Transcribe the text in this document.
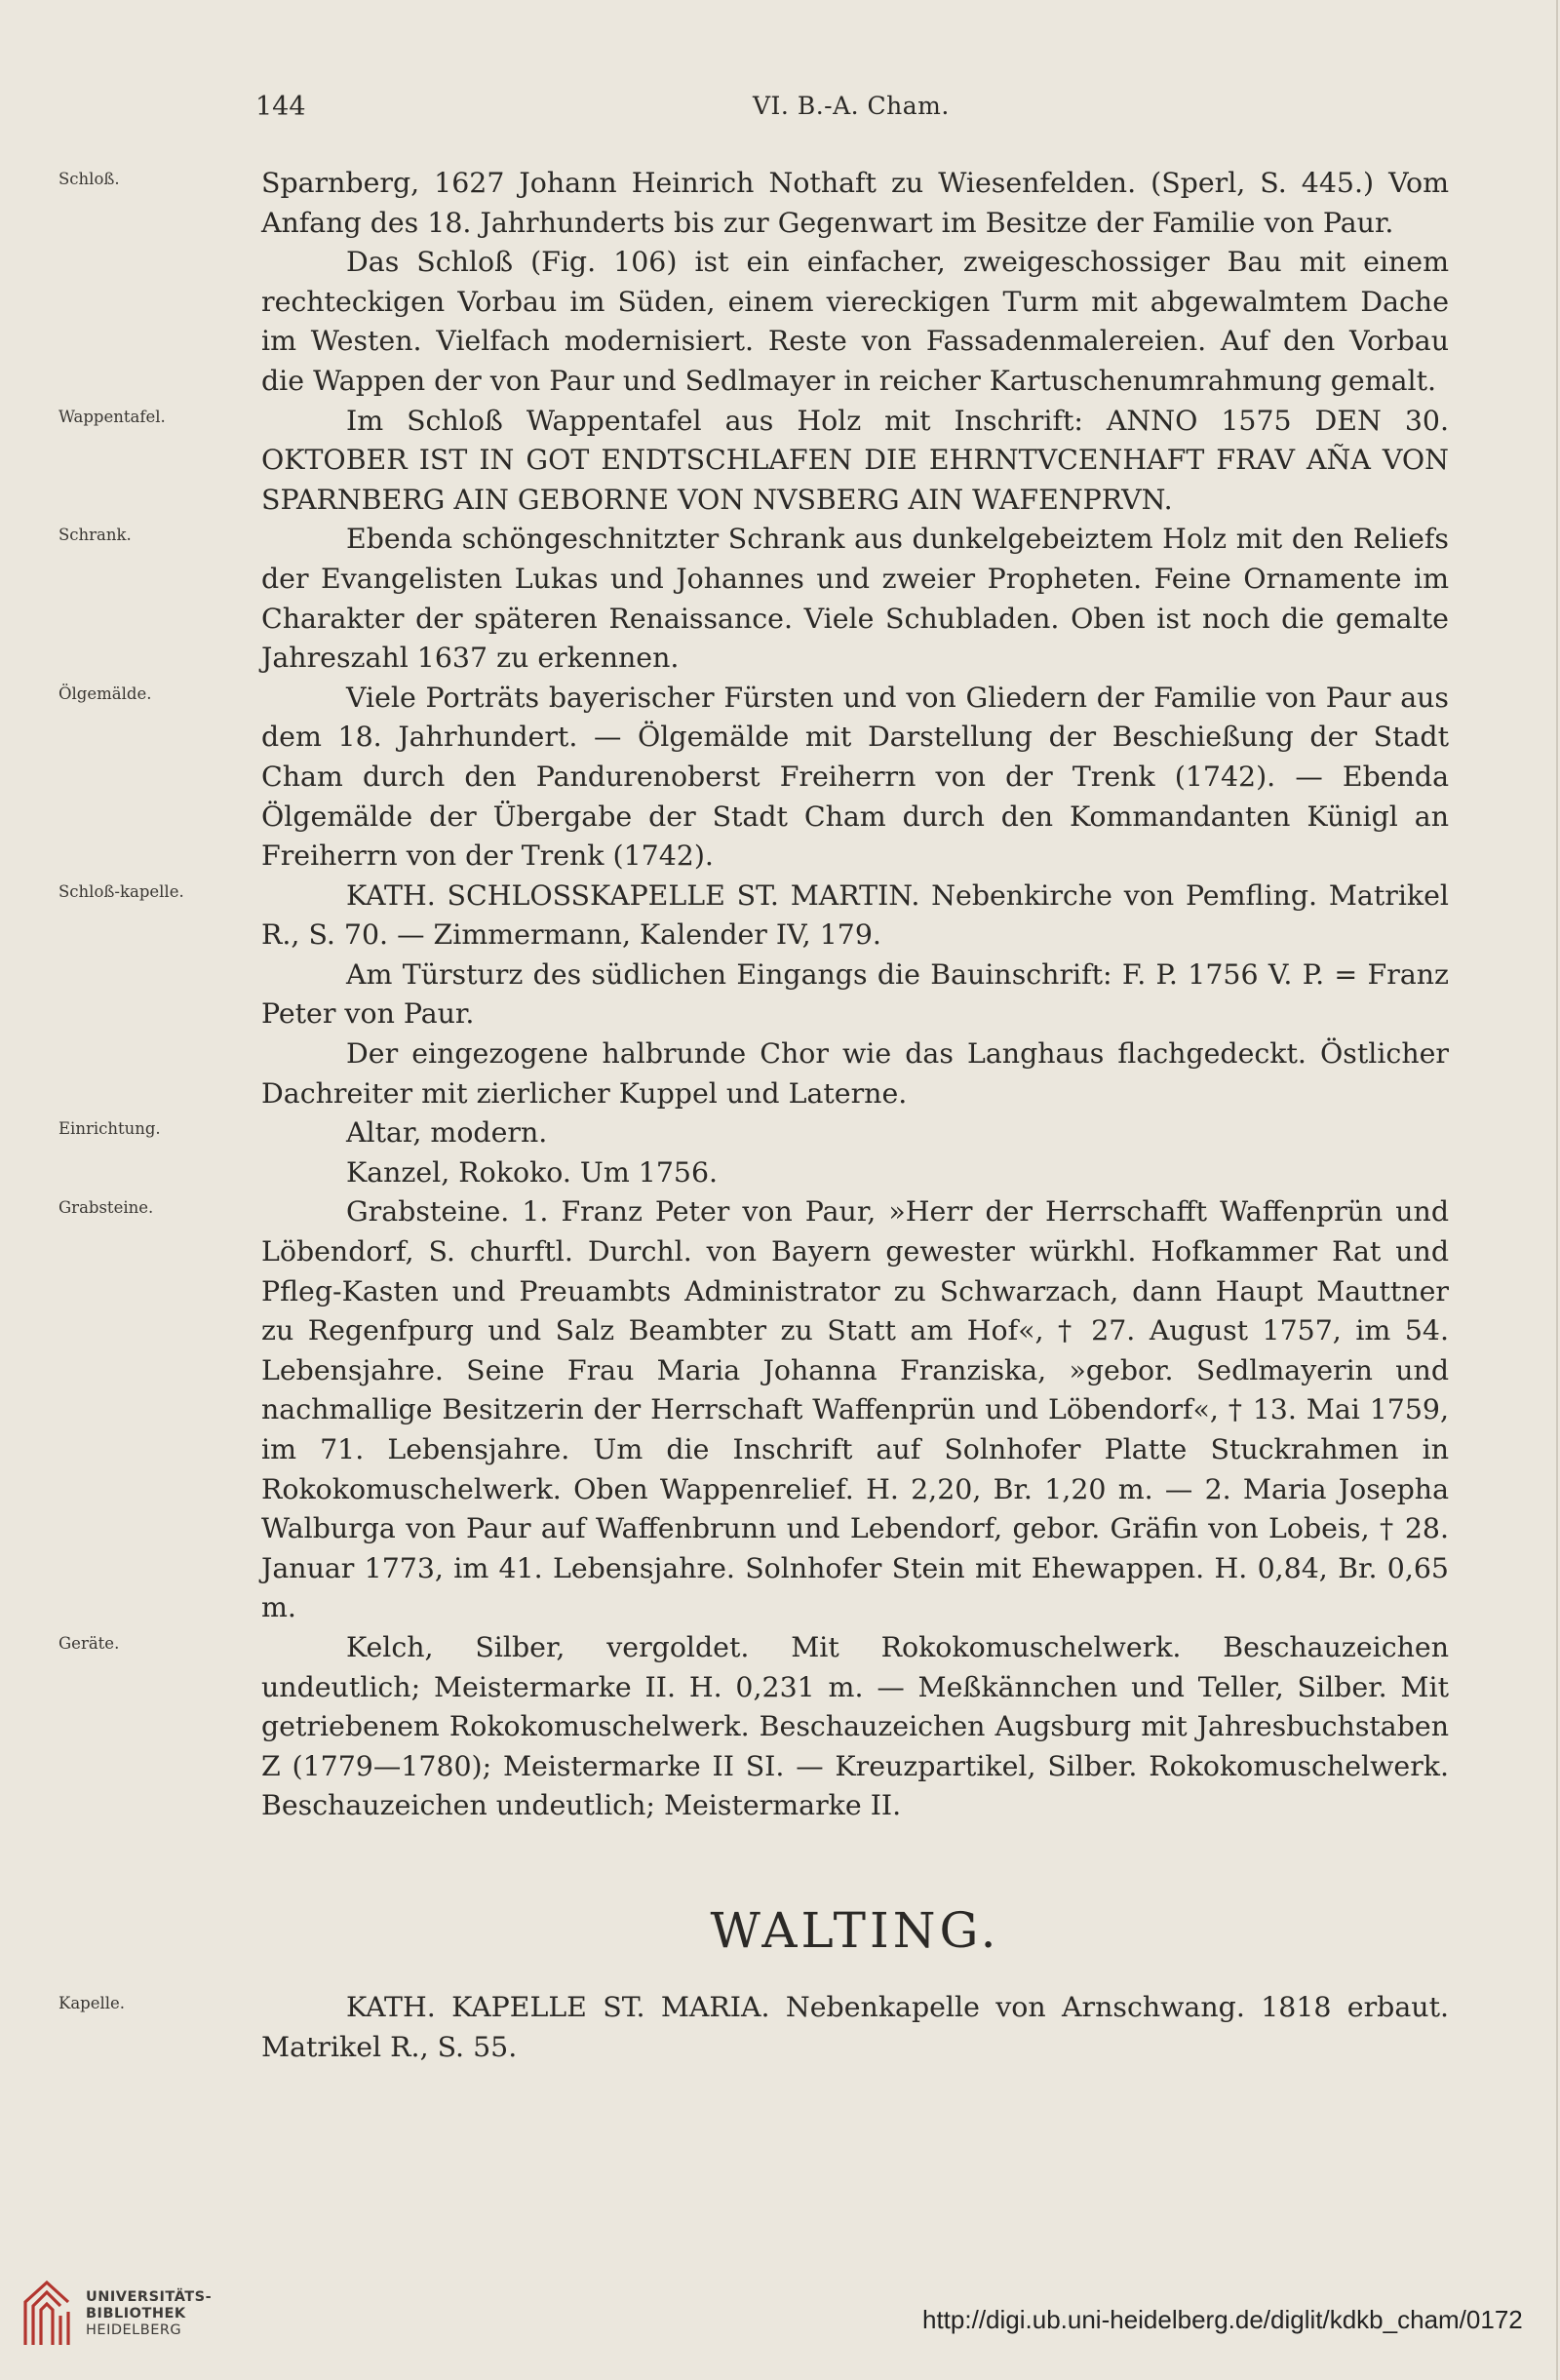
144	VI. B.-A. Cham.

Schloß.	Sparnberg, 1627 Johann Heinrich Nothaft zu Wiesenfelden. (Sperl, S. 445.) Vom Anfang des 18. Jahrhunderts bis zur Gegenwart im Besitze der Familie von Paur.

Das Schloß (Fig. 106) ist ein einfacher, zweigeschossiger Bau mit einem rechteckigen Vorbau im Süden, einem viereckigen Turm mit abgewalmtem Dache im Westen. Vielfach modernisiert. Reste von Fassadenmalereien. Auf den Vorbau die Wappen der von Paur und Sedlmayer in reicher Kartuschenumrahmung gemalt.

Wappentafel.	Im Schloß Wappentafel aus Holz mit Inschrift: ANNO 1575 DEN 30. OKTOBER IST IN GOT ENDTSCHLAFEN DIE EHRNTVCENHAFT FRAV AÑA VON SPARNBERG AIN GEBORNE VON NVSBERG AIN WAFENPRVN.

Schrank.	Ebenda schöngeschnitzter Schrank aus dunkelgebeiztem Holz mit den Reliefs der Evangelisten Lukas und Johannes und zweier Propheten. Feine Ornamente im Charakter der späteren Renaissance. Viele Schubladen. Oben ist noch die gemalte Jahreszahl 1637 zu erkennen.

Ölgemälde.	Viele Porträts bayerischer Fürsten und von Gliedern der Familie von Paur aus dem 18. Jahrhundert. — Ölgemälde mit Darstellung der Beschießung der Stadt Cham durch den Pandurenoberst Freiherrn von der Trenk (1742). — Ebenda Ölgemälde der Übergabe der Stadt Cham durch den Kommandanten Künigl an Freiherrn von der Trenk (1742).

Schloß-kapelle.	KATH. SCHLOSSKAPELLE ST. MARTIN. Nebenkirche von Pemfling. Matrikel R., S. 70. — Zimmermann, Kalender IV, 179.

Am Türsturz des südlichen Eingangs die Bauinschrift: F. P. 1756 V. P. = Franz Peter von Paur.

Der eingezogene halbrunde Chor wie das Langhaus flachgedeckt. Östlicher Dachreiter mit zierlicher Kuppel und Laterne.

Einrichtung.	Altar, modern.

Kanzel, Rokoko. Um 1756.

Grabsteine.	Grabsteine. 1. Franz Peter von Paur, »Herr der Herrschafft Waffenprün und Löbendorf, S. churftl. Durchl. von Bayern gewester würkhl. Hofkammer Rat und Pfleg-Kasten und Preuambts Administrator zu Schwarzach, dann Haupt Mauttner zu Regenfpurg und Salz Beambter zu Statt am Hof«, † 27. August 1757, im 54. Lebensjahre. Seine Frau Maria Johanna Franziska, »gebor. Sedlmayerin und nachmallige Besitzerin der Herrschaft Waffenprün und Löbendorf«, † 13. Mai 1759, im 71. Lebensjahre. Um die Inschrift auf Solnhofer Platte Stuckrahmen in Rokokomuschelwerk. Oben Wappenrelief. H. 2,20, Br. 1,20 m. — 2. Maria Josepha Walburga von Paur auf Waffenbrunn und Lebendorf, gebor. Gräfin von Lobeis, † 28. Januar 1773, im 41. Lebensjahre. Solnhofer Stein mit Ehewappen. H. 0,84, Br. 0,65 m.

Geräte.	Kelch, Silber, vergoldet. Mit Rokokomuschelwerk. Beschauzeichen undeutlich; Meistermarke II. H. 0,231 m. — Meßkännchen und Teller, Silber. Mit getriebenem Rokokomuschelwerk. Beschauzeichen Augsburg mit Jahresbuchstaben Z (1779—1780); Meistermarke II SI. — Kreuzpartikel, Silber. Rokokomuschelwerk. Beschauzeichen undeutlich; Meistermarke II.

WALTING.

Kapelle.	KATH. KAPELLE ST. MARIA. Nebenkapelle von Arnschwang. 1818 erbaut. Matrikel R., S. 55.

UNIVERSITÄTS-
BIBLIOTHEK
HEIDELBERG	http://digi.ub.uni-heidelberg.de/diglit/kdkb_cham/0172
